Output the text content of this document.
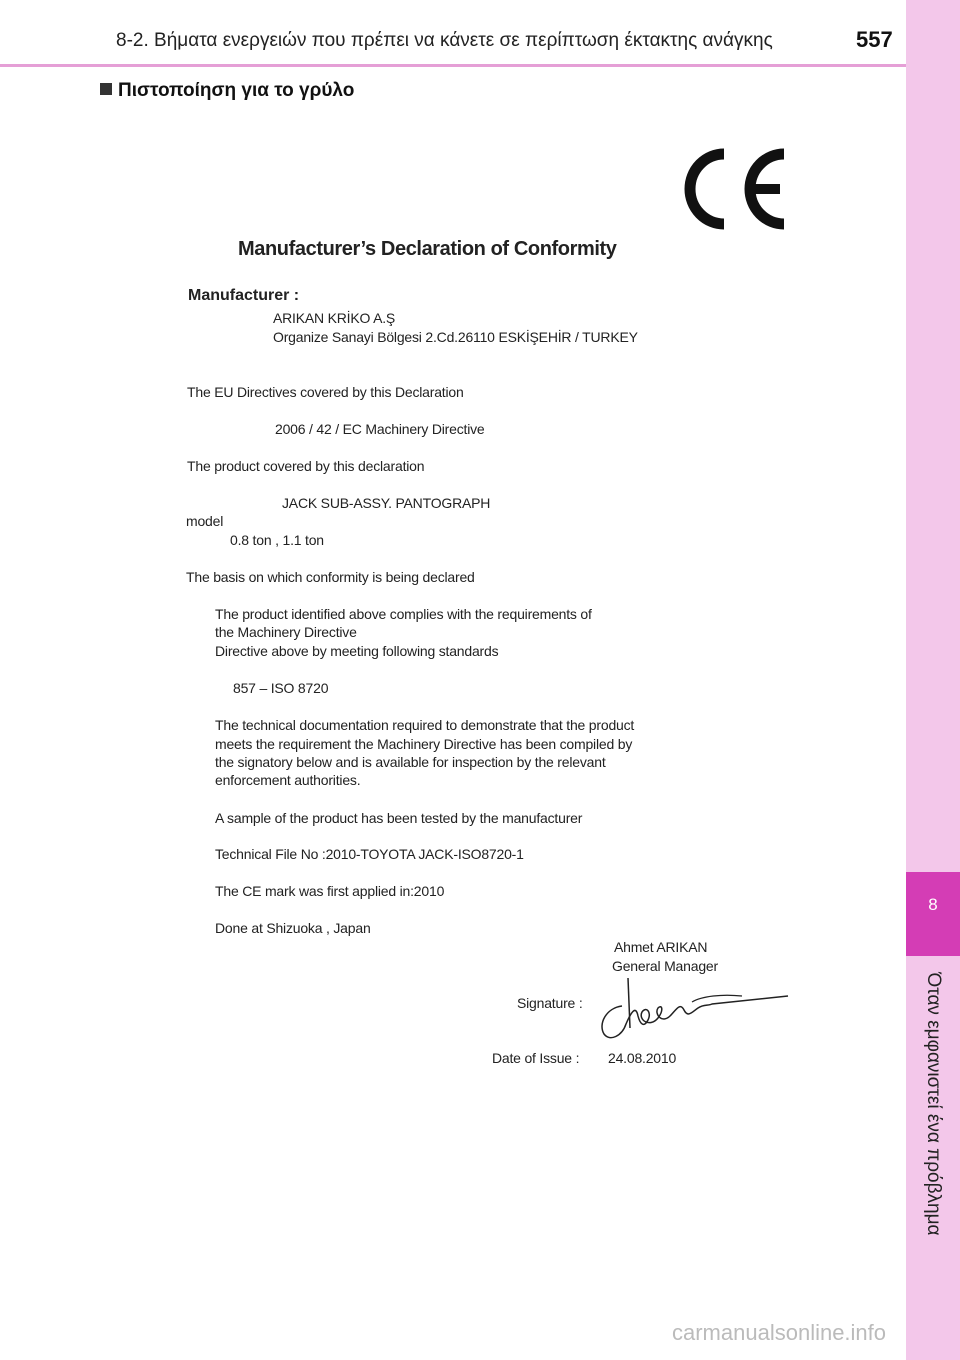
8-2. Βήματα ενεργειών που πρέπει να κάνετε σε περίπτωση έκτακτης ανάγκης	557
8
Όταν εμφανιστεί ένα πρόβλημα
Πιστοποίηση για το γρύλο
Manufacturer’s Declaration of Conformity
Manufacturer :
ARIKAN KRİKO A.Ş
Organize Sanayi Bölgesi 2.Cd.26110 ESKİŞEHİR / TURKEY
The EU Directives covered by this Declaration
2006 / 42 / EC Machinery Directive
The product covered by this declaration
JACK SUB-ASSY. PANTOGRAPH
model
0.8 ton , 1.1 ton
The basis on which conformity is being declared
The product identified above complies with the requirements of
the Machinery Directive
Directive above by meeting following standards
857 – ISO 8720
The technical documentation required to demonstrate that the product
meets the requirement the Machinery Directive has been compiled by
the signatory below and is available for inspection by the relevant
enforcement authorities.
A sample of the product has been tested by the manufacturer
Technical File No :2010-TOYOTA JACK-ISO8720-1
The CE mark was first applied in:2010
Done at Shizuoka , Japan
Ahmet ARIKAN
General Manager
Signature :
Date of Issue : 24.08.2010
carmanualsonline.info
